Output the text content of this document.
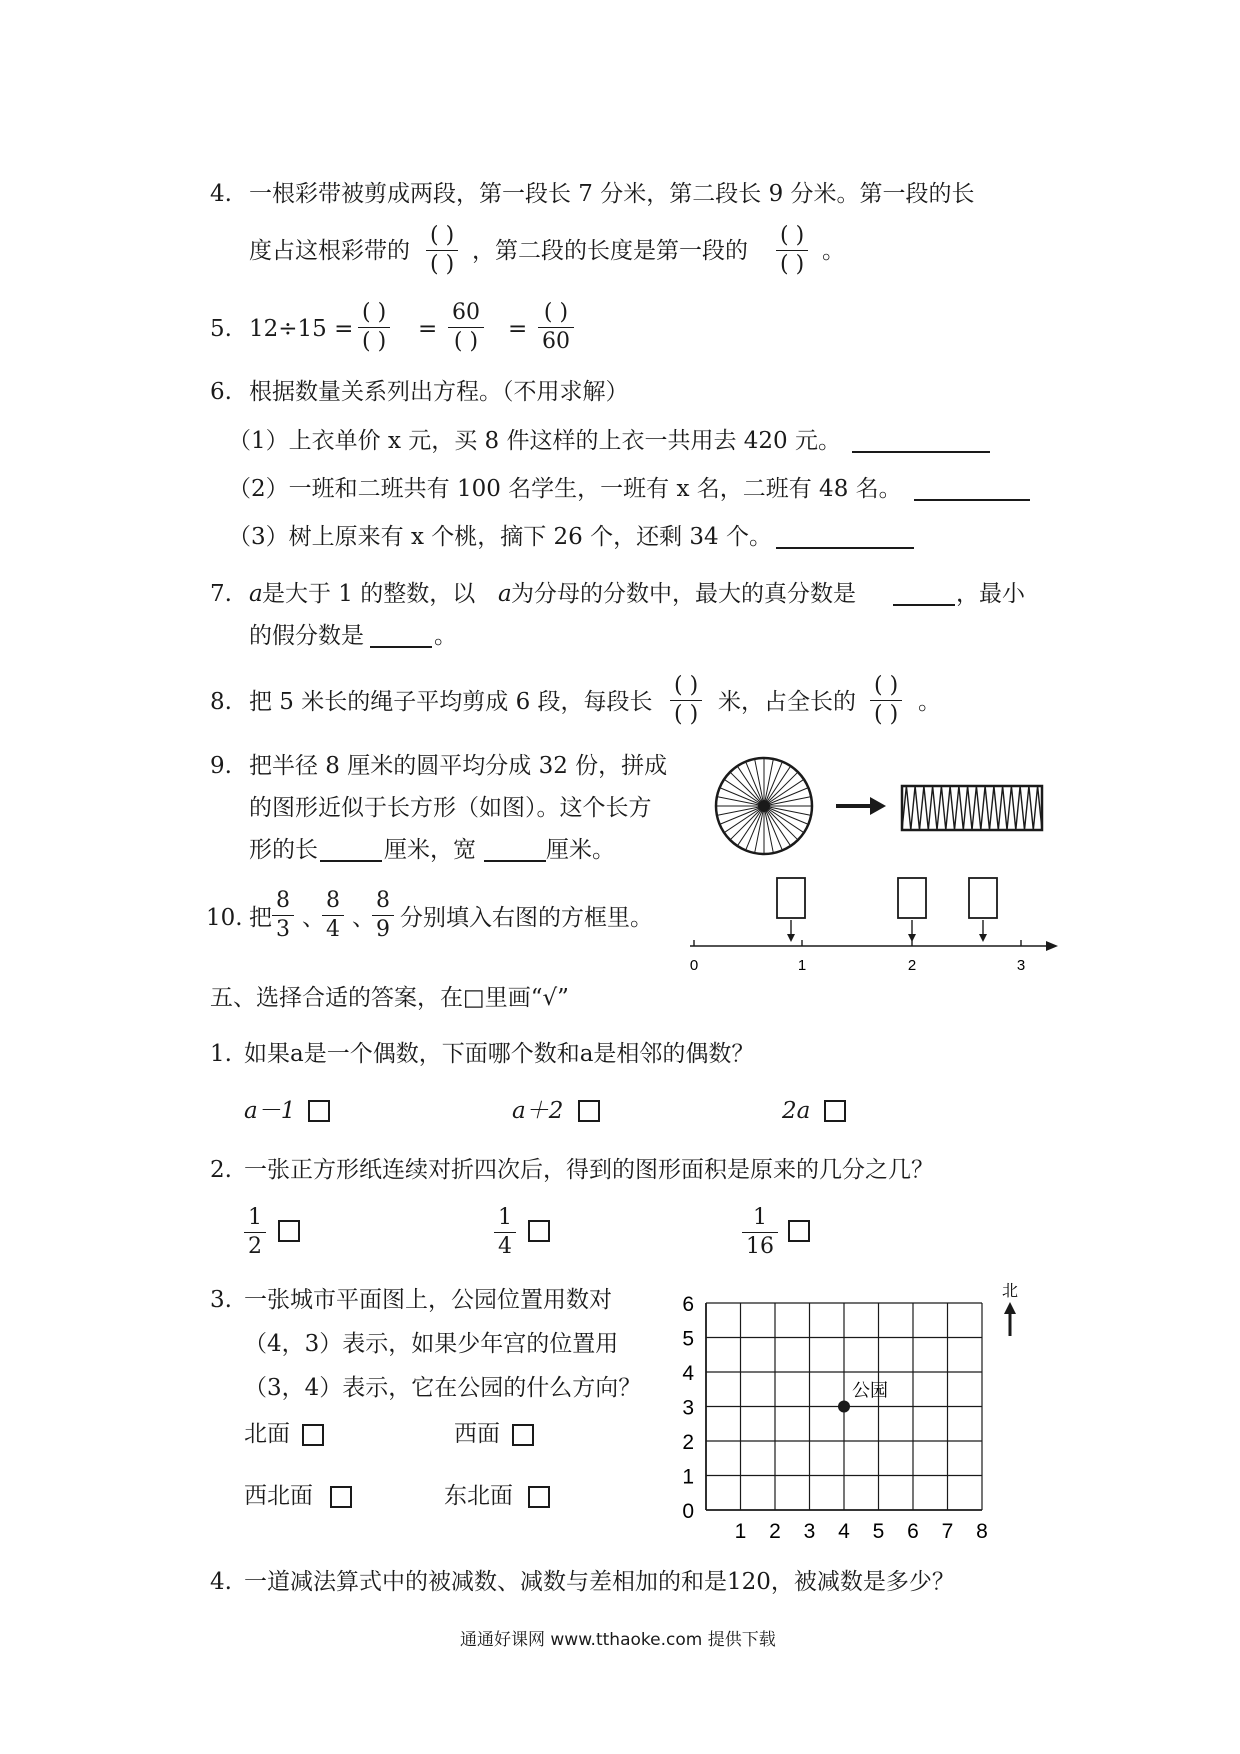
4. 一根彩带被剪成两段，第一段长 7 分米，第二段长 9 分米。第一段的长
度占这根彩带的
( )
( )
，第二段的长度是第一段的
( )
( )
。
5. 12÷15 =
( )
( ) =
60
( ) =
( )
60
6. 根据数量关系列出方程。（不用求解）
（1）上衣单价 x 元，买 8 件这样的上衣一共用去 420 元。
（2）一班和二班共有 100 名学生，一班有 x 名，二班有 48 名。
（3）树上原来有 x 个桃，摘下 26 个，还剩 34 个。
7. a 是大于 1 的整数，以 a 为分母的分数中，最大的真分数是	，最小
的假分数是	。
8. 把 5 米长的绳子平均剪成 6 段，每段长
( )
( ) 米，占全长的
( )
( ) 。
9. 把半径 8 厘米的圆平均分成 32 份，拼成
的图形近似于长方形（如图）。这个长方
形的长	厘米，宽	厘米。
10. 把
8
3 、
8
4 、
8
9 分别填入右图的方框里。
0	1	2	3
五、选择合适的答案，在□里画“√”
1. 如果a是一个偶数，下面哪个数和a是相邻的偶数？
a－1	a＋2	2a
2. 一张正方形纸连续对折四次后，得到的图形面积是原来的几分之几？
1
2
1
4
1
16
3. 一张城市平面图上，公园位置用数对
（4，3）表示，如果少年宫的位置用
（3，4）表示，它在公园的什么方向？
北面	西面
西北面	东北面
1 2 3 4 5 6 7 8
0
1
2
3
4
5
6
公园
北
4. 一道减法算式中的被减数、减数与差相加的和是120，被减数是多少？
通通好课网 www.tthaoke.com 提供下载
